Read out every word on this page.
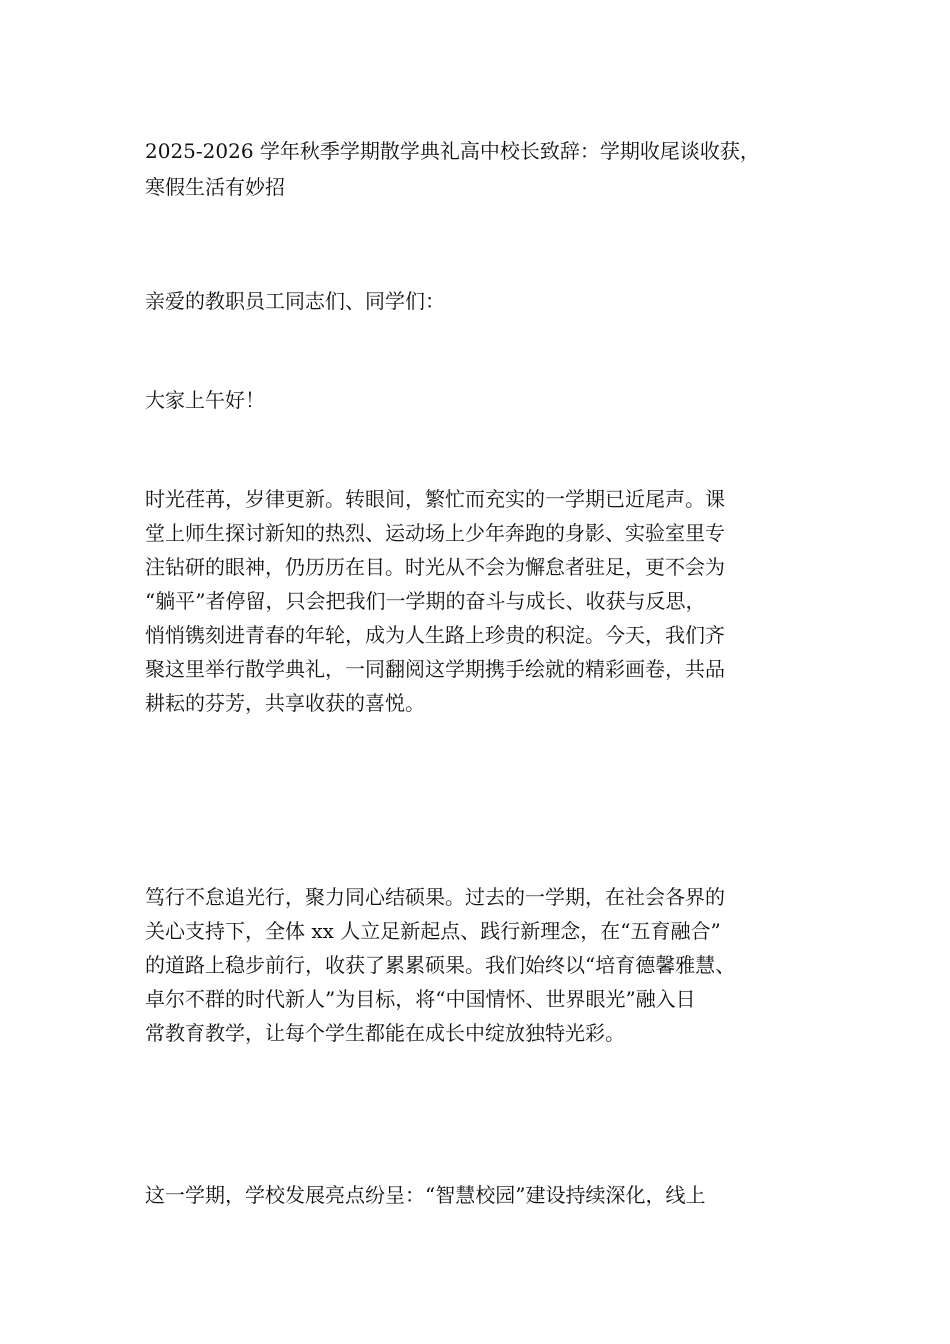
2025-2026 学年秋季学期散学典礼高中校长致辞：学期收尾谈收获，
寒假生活有妙招
亲爱的教职员工同志们、同学们：
大家上午好！
时光荏苒，岁律更新。转眼间，繁忙而充实的一学期已近尾声。课
堂上师生探讨新知的热烈、运动场上少年奔跑的身影、实验室里专
注钻研的眼神，仍历历在目。时光从不会为懈怠者驻足，更不会为
“躺平”者停留，只会把我们一学期的奋斗与成长、收获与反思，
悄悄镌刻进青春的年轮，成为人生路上珍贵的积淀。今天，我们齐
聚这里举行散学典礼，一同翻阅这学期携手绘就的精彩画卷，共品
耕耘的芬芳，共享收获的喜悦。
笃行不怠追光行，聚力同心结硕果。过去的一学期，在社会各界的
关心支持下，全体 xx 人立足新起点、践行新理念，在“五育融合”
的道路上稳步前行，收获了累累硕果。我们始终以“培育德馨雅慧、
卓尔不群的时代新人”为目标，将“中国情怀、世界眼光”融入日
常教育教学，让每个学生都能在成长中绽放独特光彩。
这一学期，学校发展亮点纷呈：“智慧校园”建设持续深化，线上
